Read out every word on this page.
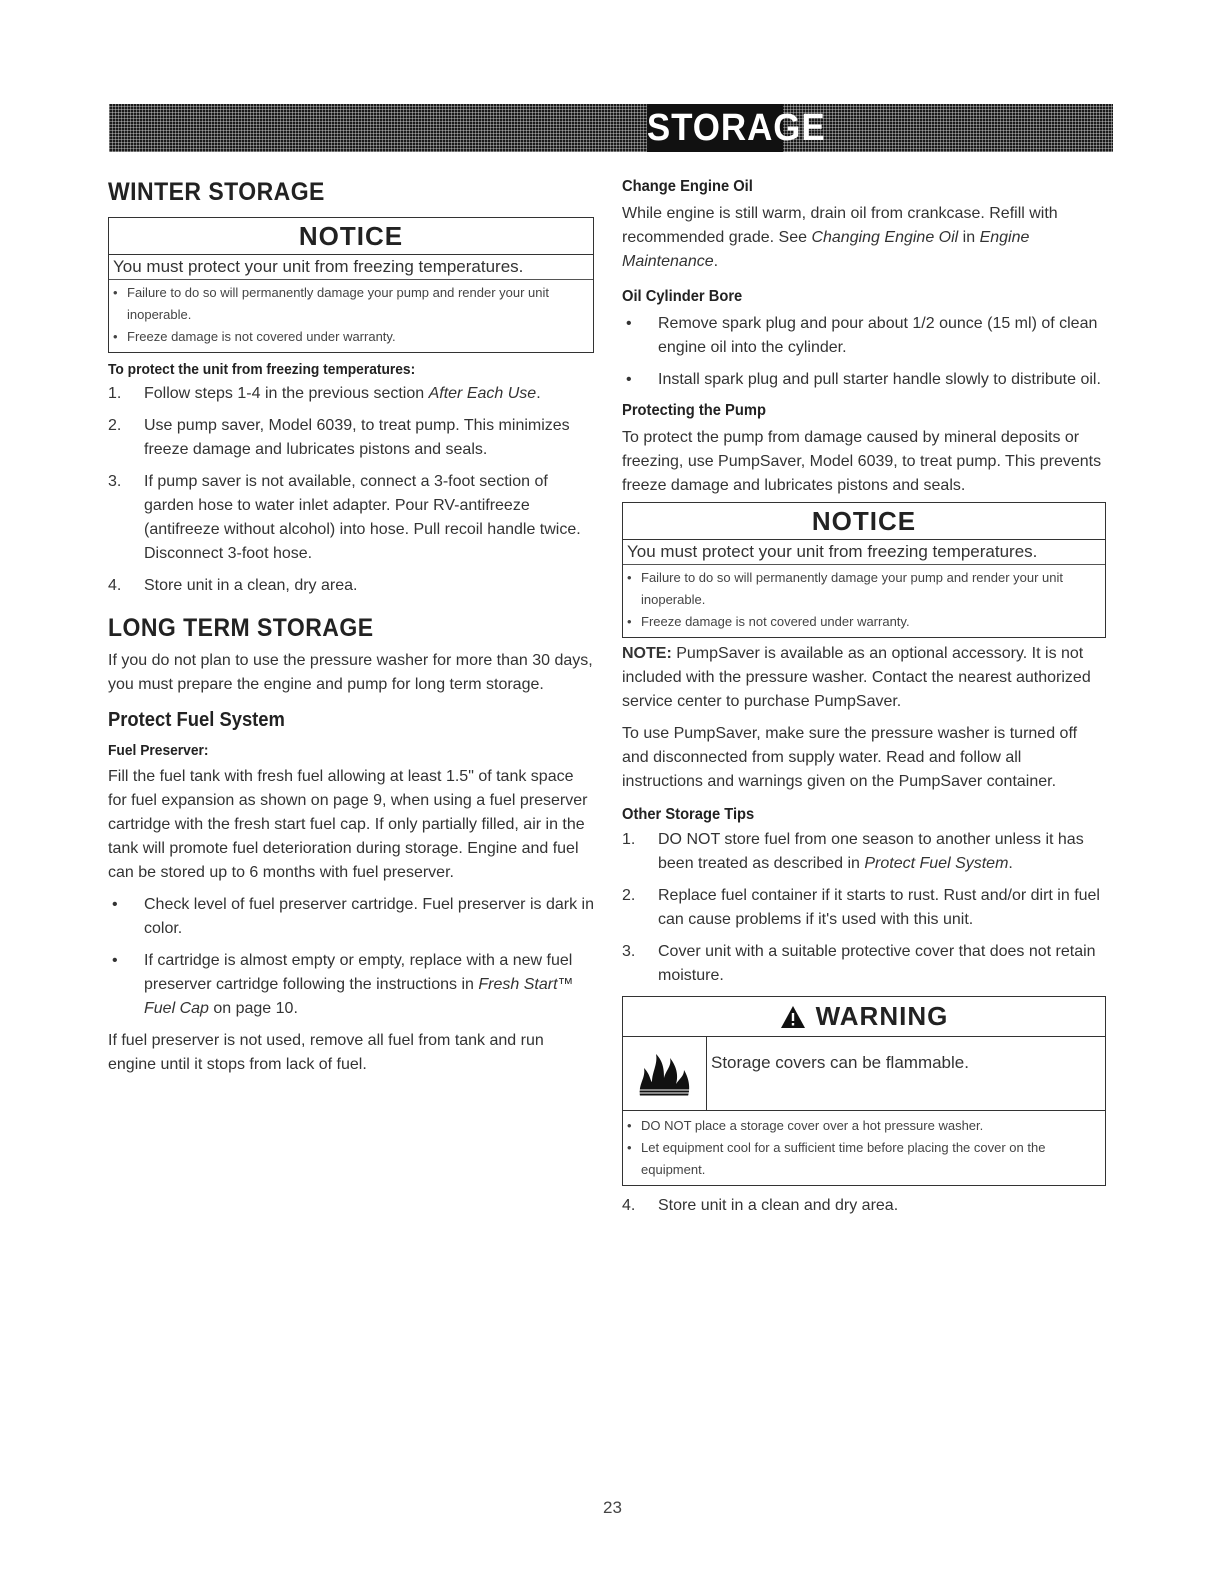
STORAGE
WINTER STORAGE
NOTICE
You must protect your unit from freezing temperatures.
• Failure to do so will permanently damage your pump and render your unit inoperable.
• Freeze damage is not covered under warranty.
To protect the unit from freezing temperatures:
1.	Follow steps 1-4 in the previous section After Each Use.
2.	Use pump saver, Model 6039, to treat pump. This minimizes freeze damage and lubricates pistons and seals.
3.	If pump saver is not available, connect a 3-foot section of garden hose to water inlet adapter. Pour RV-antifreeze (antifreeze without alcohol) into hose. Pull recoil handle twice. Disconnect 3-foot hose.
4.	Store unit in a clean, dry area.
LONG TERM STORAGE

If you do not plan to use the pressure washer for more than 30 days, you must prepare the engine and pump for long term storage.

Protect Fuel System
Fuel Preserver:

Fill the fuel tank with fresh fuel allowing at least 1.5" of tank space for fuel expansion as shown on page 9, when using a fuel preserver cartridge with the fresh start fuel cap. If only partially filled, air in the tank will promote fuel deterioration during storage. Engine and fuel can be stored up to 6 months with fuel preserver.

•	Check level of fuel preserver cartridge. Fuel preserver is dark in color.
•	If cartridge is almost empty or empty, replace with a new fuel preserver cartridge following the instructions in Fresh Start™ Fuel Cap on page 10.

If fuel preserver is not used, remove all fuel from tank and run engine until it stops from lack of fuel.

Change Engine Oil

While engine is still warm, drain oil from crankcase. Refill with recommended grade. See Changing Engine Oil in Engine Maintenance.

Oil Cylinder Bore
•	Remove spark plug and pour about 1/2 ounce (15 ml) of clean engine oil into the cylinder.
•	Install spark plug and pull starter handle slowly to distribute oil.
Protecting the Pump

To protect the pump from damage caused by mineral deposits or freezing, use PumpSaver, Model 6039, to treat pump. This prevents freeze damage and lubricates pistons and seals.

NOTICE
You must protect your unit from freezing temperatures.
• Failure to do so will permanently damage your pump and render your unit inoperable.
• Freeze damage is not covered under warranty.

NOTE: PumpSaver is available as an optional accessory. It is not included with the pressure washer. Contact the nearest authorized service center to purchase PumpSaver.

To use PumpSaver, make sure the pressure washer is turned off and disconnected from supply water. Read and follow all instructions and warnings given on the PumpSaver container.

Other Storage Tips
1.	DO NOT store fuel from one season to another unless it has been treated as described in Protect Fuel System.
2.	Replace fuel container if it starts to rust. Rust and/or dirt in fuel can cause problems if it's used with this unit.
3.	Cover unit with a suitable protective cover that does not retain moisture.
WARNING
Storage covers can be flammable.
• DO NOT place a storage cover over a hot pressure washer.
• Let equipment cool for a sufficient time before placing the cover on the equipment.
4.	Store unit in a clean and dry area.
23
